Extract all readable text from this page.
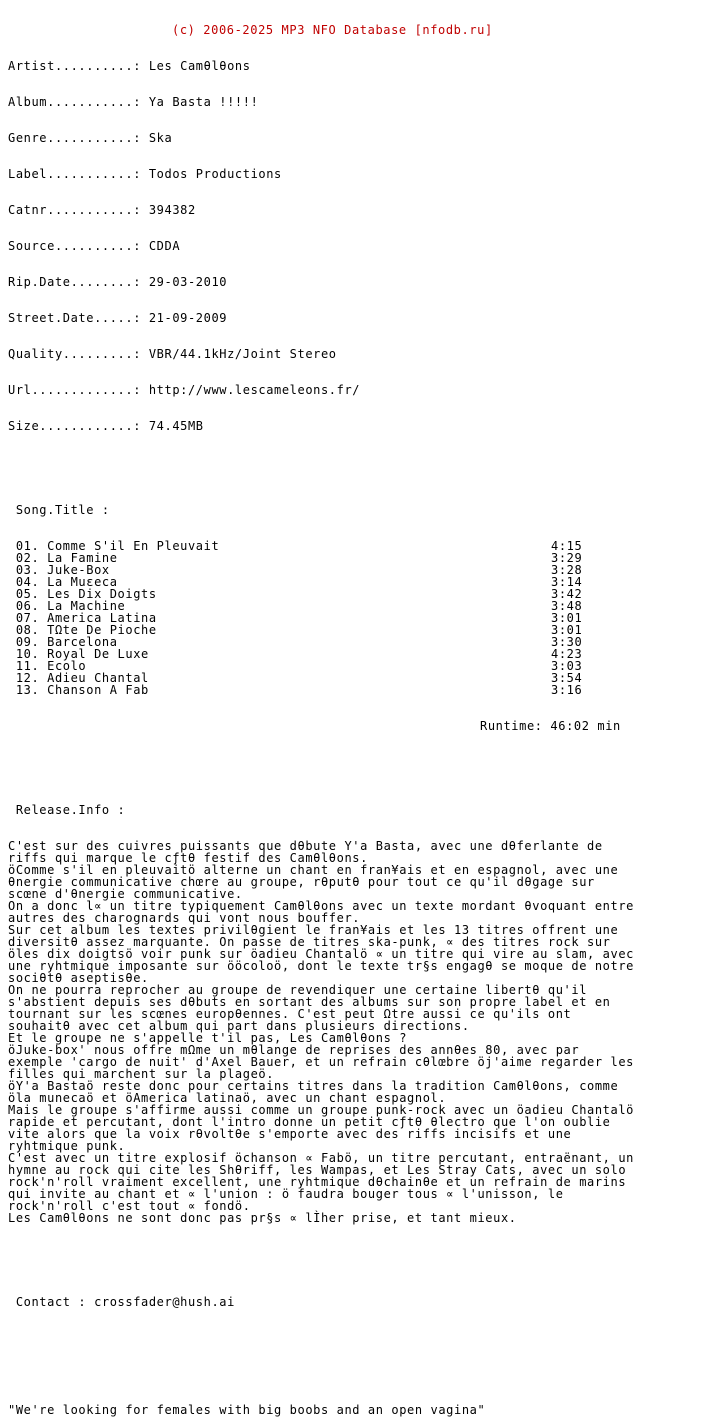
(c) 2006-2025 MP3 NFO Database [nfodb.ru]

Artist..........: Les Camθlθons

Album...........: Ya Basta !!!!!

Genre...........: Ska

Label...........: Todos Productions

Catnr...........: 394382

Source..........: CDDA

Rip.Date........: 29-03-2010

Street.Date.....: 21-09-2009

Quality.........: VBR/44.1kHz/Joint Stereo

Url.............: http://www.lescameleons.fr/

Size............: 74.45MB

Song.Title :

01. Comme S'il En Pleuvait	4:15
02. La Famine	3:29
03. Juke-Box	3:28
04. La Muεeca	3:14
05. Les Dix Doigts	3:42
06. La Machine	3:48
07. America Latina	3:01
08. TΩte De Pioche	3:01
09. Barcelona	3:30
10. Royal De Luxe	4:23
11. Ecolo	3:03
12. Adieu Chantal	3:54
13. Chanson A Fab	3:16

Runtime: 46:02 min

Release.Info :

C'est sur des cuivres puissants que dθbute Y'a Basta, avec une dθferlante de
riffs qui marque le cƒtθ festif des Camθlθons.
öComme s'il en pleuvaitö alterne un chant en fran¥ais et en espagnol, avec une
θnergie communicative chœre au groupe, rθputθ pour tout ce qu'il dθgage sur
scœne d'θnergie communicative.
On a donc l∝ un titre typiquement Camθlθons avec un texte mordant θvoquant entre
autres des charognards qui vont nous bouffer.
Sur cet album les textes privilθgient le fran¥ais et les 13 titres offrent une
diversitθ assez marquante. On passe de titres ska-punk, ∝ des titres rock sur
öles dix doigtsö voir punk sur öadieu Chantalö ∝ un titre qui vire au slam, avec
une ryhtmique imposante sur ööcoloö, dont le texte tr§s engagθ se moque de notre
sociθtθ aseptisθe.
On ne pourra reprocher au groupe de revendiquer une certaine libertθ qu'il
s'abstient depuis ses dθbuts en sortant des albums sur son propre label et en
tournant sur les scœnes europθennes. C'est peut Ωtre aussi ce qu'ils ont
souhaitθ avec cet album qui part dans plusieurs directions.
Et le groupe ne s'appelle t'il pas, Les Camθlθons ?
öJuke-box' nous offre mΩme un mθlange de reprises des annθes 80, avec par
exemple 'cargo de nuit' d'Axel Bauer, et un refrain cθlœbre öj'aime regarder les
filles qui marchent sur la plageö.
öY'a Bastaö reste donc pour certains titres dans la tradition Camθlθons, comme
öla munecaö et öAmerica latinaö, avec un chant espagnol.
Mais le groupe s'affirme aussi comme un groupe punk-rock avec un öadieu Chantalö
rapide et percutant, dont l'intro donne un petit cƒtθ θlectro que l'on oublie
vite alors que la voix rθvoltθe s'emporte avec des riffs incisifs et une
ryhtmique punk.
C'est avec un titre explosif öchanson ∝ Fabö, un titre percutant, entraënant, un
hymne au rock qui cite les Shθriff, les Wampas, et Les Stray Cats, avec un solo
rock'n'roll vraiment excellent, une ryhtmique dθchainθe et un refrain de marins
qui invite au chant et ∝ l'union : ö faudra bouger tous ∝ l'unisson, le
rock'n'roll c'est tout ∝ fondö.
Les Camθlθons ne sont donc pas pr§s ∝ lÌher prise, et tant mieux.

Contact : crossfader@hush.ai

"We're looking for females with big boobs and an open vagina"
